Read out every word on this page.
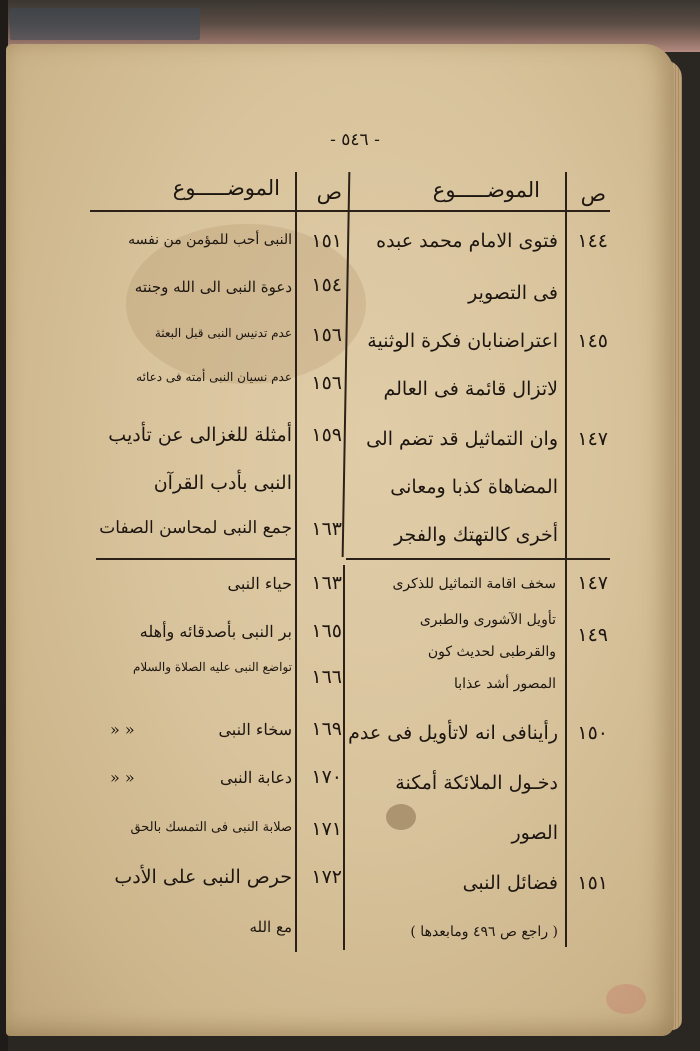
- ٥٤٦ -
ص
الموضـــــوع
ص
الموضـــــوع
١٤٤
١٤٥
١٤٧
١٤٧
١٤٩
١٥٠
١٥١
فتوى الامام محمد عبده
فى التصوير
اعتراضنابان فكرة الوثنية
لاتزال قائمة فى العالم
وان التماثيل قد تضم الى
المضاهاة كذبا ومعانى
أخرى كالتهتك والفجر
سخف اقامة التماثيل للذكرى
تأويل الآشورى والطبرى
والقرطبى لحديث كون
المصور أشد عذابا
رأينافى انه لاتأويل فى عدم
دخـول الملائكة أمكنة
الصور
فضائل النبى
( راجع ص ٤٩٦ ومابعدها )
١٥١
١٥٤
١٥٦
١٥٦
١٥٩
١٦٣
١٦٣
١٦٥
١٦٦
١٦٩
١٧٠
١٧١
١٧٢
النبى أحب للمؤمن من نفسه
دعوة النبى الى الله وجنته
عدم تدنيس النبى قبل البعثة
عدم نسيان النبى أمته فى دعائه
أمثلة للغزالى عن تأديب
النبى بأدب القرآن
جمع النبى لمحاسن الصفات
حياء النبى
بر النبى بأصدقائه وأهله
تواضع النبى عليه الصلاة والسلام
سخاء النبى
» »
دعابة النبى
» »
صلابة النبى فى التمسك بالحق
حرص النبى على الأدب
مع الله
